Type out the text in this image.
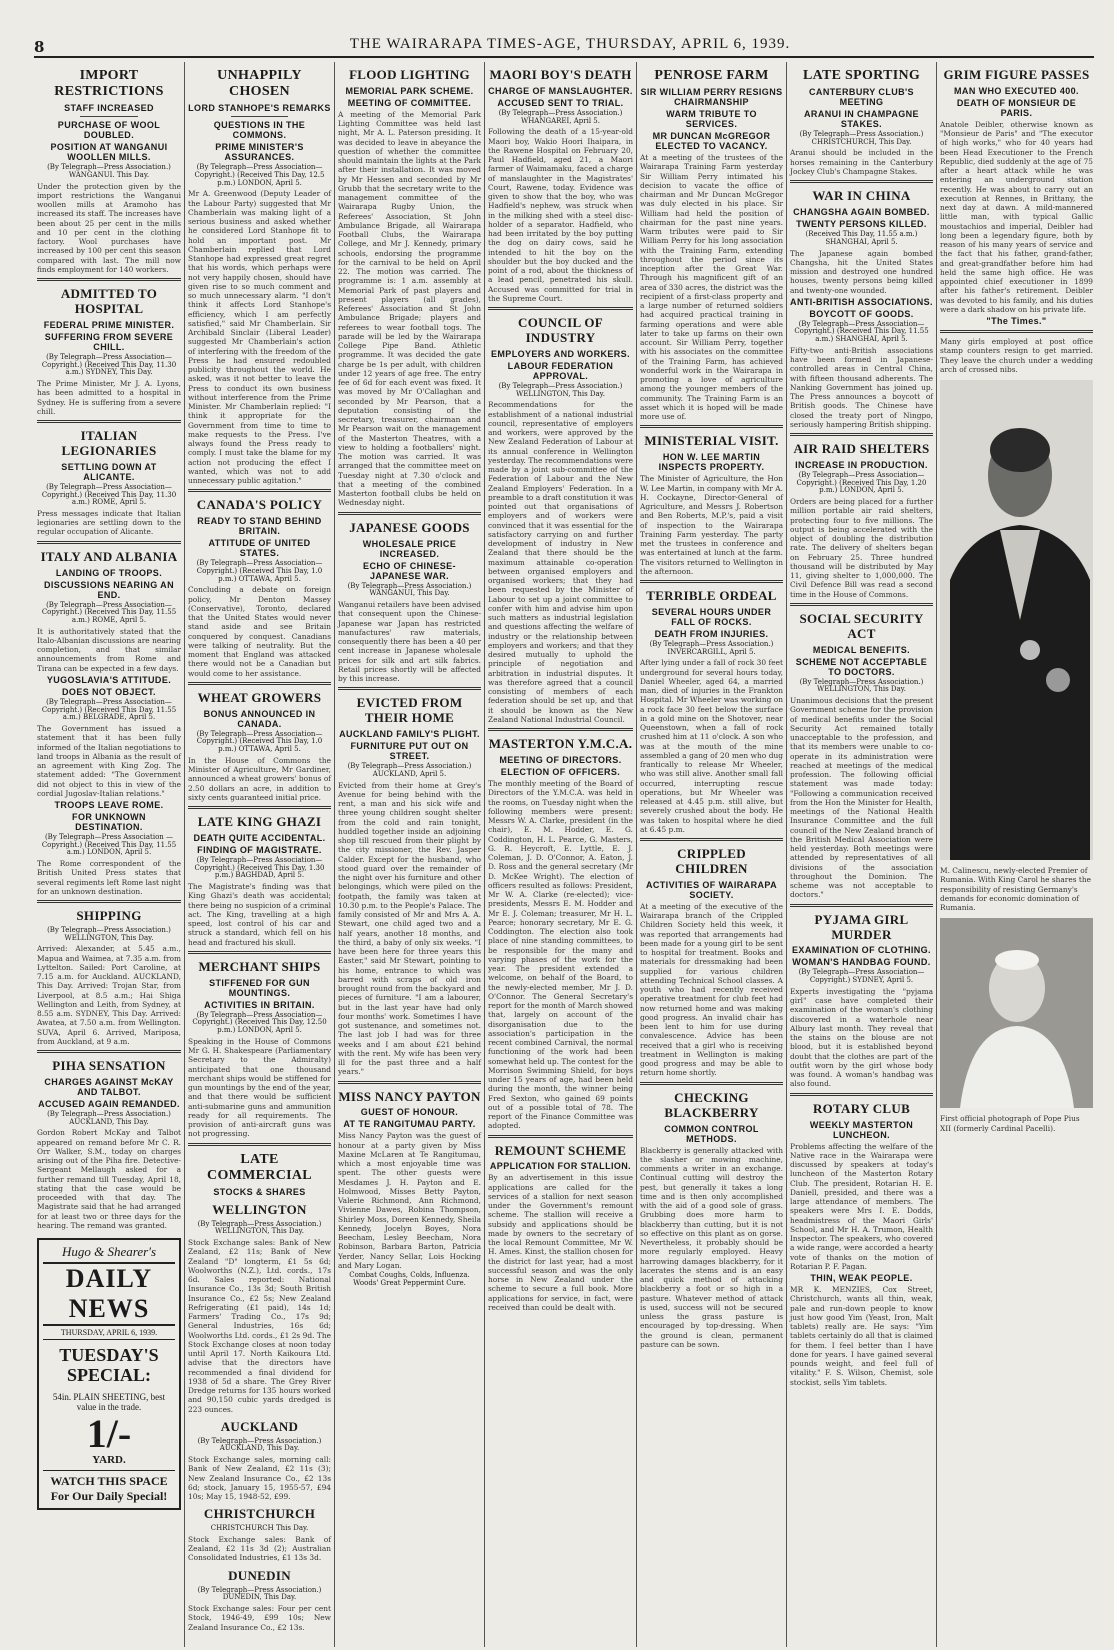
8	THE WAIRARAPA TIMES-AGE, THURSDAY, APRIL 6, 1939.
IMPORT RESTRICTIONS
STAFF INCREASED
PURCHASE OF WOOL DOUBLED.
POSITION AT WANGANUI WOOLLEN MILLS.
(By Telegraph—Press Association.) WANGANUI. This Day.
Under the protection given by the import restrictions the Wanganui woollen mills at Aramoho has increased its staff. The increases have been about 25 per cent in the mills and 10 per cent in the clothing factory. Wool purchases have increased by 100 per cent this season compared with last. The mill now finds employment for 140 workers.
ADMITTED TO HOSPITAL
FEDERAL PRIME MINISTER.
SUFFERING FROM SEVERE CHILL.
(By Telegraph—Press Association—Copyright.) (Received This Day, 11.30 a.m.) SYDNEY, This Day.
The Prime Minister, Mr J. A. Lyons, has been admitted to a hospital in Sydney. He is suffering from a severe chill.
ITALIAN LEGIONARIES
SETTLING DOWN AT ALICANTE.
(By Telegraph—Press Association—Copyright.) (Received This Day, 11.30 a.m.) ROME, April 5.
Press messages indicate that Italian legionaries are settling down to the regular occupation of Alicante.
ITALY AND ALBANIA
LANDING OF TROOPS.
DISCUSSIONS NEARING AN END.
(By Telegraph—Press Association—Copyright.) (Received This Day, 11.55 a.m.) ROME, April 5.
It is authoritatively stated that the Italo-Albanian discussions are nearing completion, and that similar announcements from Rome and Tirana can be expected in a few days.
YUGOSLAVIA'S ATTITUDE.
DOES NOT OBJECT.
(By Telegraph—Press Association—Copyright.) (Received This Day, 11.55 a.m.) BELGRADE, April 5.
The Government has issued a statement that it has been fully informed of the Italian negotiations to land troops in Albania as the result of an agreement with King Zog. The statement added: "The Government did not object to this in view of the cordial Jugoslav-Italian relations."
TROOPS LEAVE ROME.
FOR UNKNOWN DESTINATION.
(By Telegraph—Press Association —Copyright.) (Received This Day, 11.55 a.m.) LONDON, April 5.
The Rome correspondent of the British United Press states that several regiments left Rome last night for an unknown destination.
SHIPPING
(By Telegraph—Press Association.) WELLINGTON, This Day.
Arrived: Alexander, at 5.45 a.m., Mapua and Waimea, at 7.35 a.m. from Lyttelton. Sailed: Port Caroline, at 7.15 a.m. for Auckland. AUCKLAND, This Day. Arrived: Trojan Star, from Liverpool, at 8.5 a.m.; Hai Shiga Wellington and Leith, from Sydney, at 8.55 a.m. SYDNEY, This Day. Arrived: Awatea, at 7.50 a.m. from Wellington. SUVA, April 6. Arrived, Mariposa, from Auckland, at 9 a.m.
PIHA SENSATION
CHARGES AGAINST McKAY AND TALBOT.
ACCUSED AGAIN REMANDED.
(By Telegraph—Press Association.) AUCKLAND, This Day.
Gordon Robert McKay and Talbot appeared on remand before Mr C. R. Orr Walker, S.M., today on charges arising out of the Piha fire. Detective-Sergeant Mellaugh asked for a further remand till Tuesday, April 18, stating that the case would be proceeded with that day. The Magistrate said that he had arranged for at least two or three days for the hearing. The remand was granted.
Hugo & Shearer's
DAILY NEWS
THURSDAY, APRIL 6, 1939.
TUESDAY'S SPECIAL:
54in. PLAIN SHEETING, best value in the trade.
1/-
YARD.
WATCH THIS SPACE For Our Daily Special!
UNHAPPILY CHOSEN
LORD STANHOPE'S REMARKS
QUESTIONS IN THE COMMONS.
PRIME MINISTER'S ASSURANCES.
(By Telegraph—Press Association—Copyright.) (Received This Day, 12.5 p.m.) LONDON, April 5.
Mr A. Greenwood (Deputy Leader of the Labour Party) suggested that Mr Chamberlain was making light of a serious business and asked whether he considered Lord Stanhope fit to hold an important post. Mr Chamberlain replied that Lord Stanhope had expressed great regret that his words, which perhaps were not very happily chosen, should have given rise to so much comment and so much unnecessary alarm. "I don't think it affects Lord Stanhope's efficiency, which I am perfectly satisfied," said Mr Chamberlain. Sir Archibald Sinclair (Liberal Leader) suggested Mr Chamberlain's action of interfering with the freedom of the Press he had ensured redoubled publicity throughout the world. He asked, was it not better to leave the Press to conduct its own business without interference from the Prime Minister. Mr Chamberlain replied: "I think it appropriate for the Government from time to time to make requests to the Press. I've always found the Press ready to comply. I must take the blame for my action not producing the effect I wanted, which was not to add unnecessary public agitation."
CANADA'S POLICY
READY TO STAND BEHIND BRITAIN.
ATTITUDE OF UNITED STATES.
(By Telegraph—Press Association—Copyright.) (Received This Day, 1.0 p.m.) OTTAWA, April 5.
Concluding a debate on foreign policy, Mr Denton Massey (Conservative), Toronto, declared that the United States would never stand aside and see Britain conquered by conquest. Canadians were talking of neutrality. But the moment that England was attacked there would not be a Canadian but would come to her assistance.
WHEAT GROWERS
BONUS ANNOUNCED IN CANADA.
(By Telegraph—Press Association—Copyright.) (Received This Day, 1.0 p.m.) OTTAWA, April 5.
In the House of Commons the Minister of Agriculture, Mr Gardiner, announced a wheat growers' bonus of 2.50 dollars an acre, in addition to sixty cents guaranteed initial price.
LATE KING GHAZI
DEATH QUITE ACCIDENTAL.
FINDING OF MAGISTRATE.
(By Telegraph—Press Association—Copyright.) (Received This Day, 1.30 p.m.) BAGHDAD, April 5.
The Magistrate's finding was that King Ghazi's death was accidental; there being no suspicion of a criminal act. The King, travelling at a high speed, lost control of his car and struck a standard, which fell on his head and fractured his skull.
MERCHANT SHIPS
STIFFENED FOR GUN MOUNTINGS.
ACTIVITIES IN BRITAIN.
(By Telegraph—Press Association—Copyright.) (Received This Day, 12.50 p.m.) LONDON, April 5.
Speaking in the House of Commons Mr G. H. Shakespeare (Parliamentary Secretary to the Admiralty) anticipated that one thousand merchant ships would be stiffened for gun mountings by the end of the year, and that there would be sufficient anti-submarine guns and ammunition ready for all requirements. The provision of anti-aircraft guns was not progressing.
LATE COMMERCIAL
STOCKS & SHARES
WELLINGTON
(By Telegraph—Press Association.) WELLINGTON, This Day.
Stock Exchange sales: Bank of New Zealand, £2 11s; Bank of New Zealand "D" longterm, £1 5s 6d; Woolworths (N.Z.), Ltd. cords., 17s 6d. Sales reported: National Insurance Co., 13s 3d; South British Insurance Co., £2 5s; New Zealand Refrigerating (£1 paid), 14s 1d; Farmers' Trading Co., 17s 9d; General Industries, 16s 6d; Woolworths Ltd. cords., £1 2s 9d. The Stock Exchange closes at noon today until April 17. North Kaikoura Ltd. advise that the directors have recommended a final dividend for 1938 of 5d a share. The Grey River Dredge returns for 135 hours worked and 90,150 cubic yards dredged is 223 ounces.
AUCKLAND
(By Telegraph—Press Association.) AUCKLAND, This Day.
Stock Exchange sales, morning call: Bank of New Zealand, £2 11s (3); New Zealand Insurance Co., £2 13s 6d; stock, January 15, 1955-57, £94 10s; May 15, 1948-52, £99.
CHRISTCHURCH
CHRISTCHURCH This Day.
Stock Exchange sales: Bank of Zealand, £2 11s 3d (2); Australian Consolidated Industries, £1 13s 3d.
DUNEDIN
(By Telegraph—Press Association.) DUNEDIN, This Day.
Stock Exchange sales: Four per cent Stock, 1946-49, £99 10s; New Zealand Insurance Co., £2 13s.
FLOOD LIGHTING
MEMORIAL PARK SCHEME.
MEETING OF COMMITTEE.
A meeting of the Memorial Park Lighting Committee was held last night, Mr A. L. Paterson presiding. It was decided to leave in abeyance the question of whether the committee should maintain the lights at the Park after their installation. It was moved by Mr Hessen and seconded by Mr Grubb that the secretary write to the management committee of the Wairarapa Rugby Union, the Referees' Association, St John Ambulance Brigade, all Wairarapa Football Clubs, the Wairarapa College, and Mr J. Kennedy, primary schools, endorsing the programme for the carnival to be held on April 22. The motion was carried. The programme is: 1 a.m. assembly at Memorial Park of past players and present players (all grades), Referees' Association and St John Ambulance Brigade; players and referees to wear football togs. The parade will be led by the Wairarapa College Pipe Band. Athletic programme. It was decided the gate charge be 1s per adult, with children under 12 years of age free. The entry fee of 6d for each event was fixed. It was moved by Mr O'Callaghan and seconded by Mr Pearson, that a deputation consisting of the secretary, treasurer, chairman and Mr Pearson wait on the management of the Masterton Theatres, with a view to holding a footballers' night. The motion was carried. It was arranged that the committee meet on Tuesday night at 7.30 o'clock and that a meeting of the combined Masterton football clubs be held on Wednesday night.
JAPANESE GOODS
WHOLESALE PRICE INCREASED.
ECHO OF CHINESE-JAPANESE WAR.
(By Telegraph—Press Association.) WANGANUI, This Day.
Wanganui retailers have been advised that consequent upon the Chinese-Japanese war Japan has restricted manufactures' raw materials, consequently there has been a 40 per cent increase in Japanese wholesale prices for silk and art silk fabrics. Retail prices shortly will be affected by this increase.
EVICTED FROM THEIR HOME
AUCKLAND FAMILY'S PLIGHT.
FURNITURE PUT OUT ON STREET.
(By Telegraph—Press Association.) AUCKLAND, April 5.
Evicted from their home at Grey's Avenue for being behind with the rent, a man and his sick wife and three young children sought shelter from the cold and rain tonight, huddled together inside an adjoining shop till rescued from their plight by the city missioner, the Rev. Jasper Calder. Except for the husband, who stood guard over the remainder of the night over his furniture and other belongings, which were piled on the footpath, the family was taken at 10.30 p.m. to the People's Palace. The family consisted of Mr and Mrs A. A. Stewart, one child aged two and a half years, another 18 months, and the third, a baby of only six weeks. "I have been here for three years this Easter," said Mr Stewart, pointing to his home, entrance to which was barred with scraps of old iron brought round from the backyard and pieces of furniture. "I am a labourer, but in the last year have had only four months' work. Sometimes I have got sustenance, and sometimes not. The last job I had was for three weeks and I am about £21 behind with the rent. My wife has been very ill for the past three and a half years."
MISS NANCY PAYTON
GUEST OF HONOUR.
AT TE RANGITUMAU PARTY.
Miss Nancy Payton was the guest of honour at a party given by Miss Maxine McLaren at Te Rangitumau, which a most enjoyable time was spent. The other guests were Mesdames J. H. Payton and E. Holmwood, Misses Betty Payton, Valerie Richmond, Ann Richmond, Vivienne Dawes, Robina Thompson, Shirley Moss, Doreen Kennedy, Sheila Kennedy, Jocelyn Boyes, Nora Beecham, Lesley Beecham, Nora Robinson, Barbara Barton, Patricia Yerder, Nancy Sellar, Lois Hocking and Mary Logan.
Combat Coughs, Colds, Influenza. Woods' Great Peppermint Cure.
MAORI BOY'S DEATH
CHARGE OF MANSLAUGHTER.
ACCUSED SENT TO TRIAL.
(By Telegraph—Press Association.) WHANGAREI, April 5.
Following the death of a 15-year-old Maori boy, Wakio Hoori Ihaipara, in the Rawene Hospital on February 20, Paul Hadfield, aged 21, a Maori farmer of Waimamaku, faced a charge of manslaughter in the Magistrates' Court, Rawene, today. Evidence was given to show that the boy, who was Hadfield's nephew, was struck when in the milking shed with a steel disc-holder of a separator. Hadfield, who had been irritated by the boy putting the dog on dairy cows, said he intended to hit the boy on the shoulder but the boy ducked and the point of a rod, about the thickness of a lead pencil, penetrated his skull. Accused was committed for trial in the Supreme Court.
COUNCIL OF INDUSTRY
EMPLOYERS AND WORKERS.
LABOUR FEDERATION APPROVAL.
(By Telegraph—Press Association.) WELLINGTON, This Day.
Recommendations for the establishment of a national industrial council, representative of employers and workers, were approved by the New Zealand Federation of Labour at its annual conference in Wellington yesterday. The recommendations were made by a joint sub-committee of the Federation of Labour and the New Zealand Employers' Federation. In a preamble to a draft constitution it was pointed out that organisations of employers and of workers were convinced that it was essential for the satisfactory carrying on and further development of industry in New Zealand that there should be the maximum attainable co-operation between organised employers and organised workers; that they had been requested by the Minister of Labour to set up a joint committee to confer with him and advise him upon such matters as industrial legislation and questions affecting the welfare of industry or the relationship between employers and workers; and that they desired mutually to uphold the principle of negotiation and arbitration in industrial disputes. It was therefore agreed that a council consisting of members of each federation should be set up, and that it should be known as the New Zealand National Industrial Council.
MASTERTON Y.M.C.A.
MEETING OF DIRECTORS.
ELECTION OF OFFICERS.
The monthly meeting of the Board of Directors of the Y.M.C.A. was held in the rooms, on Tuesday night when the following members were present: Messrs W. A. Clarke, president (in the chair), E. M. Hodder, E. G. Coddington, H. L. Pearce, G. Masters, G. R. Heycroft, E. Lyttle, E. J. Coleman, J. D. O'Connor, A. Eaton, J. D. Ross and the general secretary (Mr D. McKee Wright). The election of officers resulted as follows: President, Mr W. A. Clarke (re-elected); vice-presidents, Messrs E. M. Hodder and Mr E. J. Coleman; treasurer, Mr H. L. Pearce; honorary secretary, Mr E. G. Coddington. The election also took place of nine standing committees, to be responsible for the many and varying phases of the work for the year. The president extended a welcome, on behalf of the Board, to the newly-elected member, Mr J. D. O'Connor. The General Secretary's report for the month of March showed that, largely on account of the disorganisation due to the association's participation in the recent combined Carnival, the normal functioning of the work had been somewhat held up. The contest for the Morrison Swimming Shield, for boys under 15 years of age, had been held during the month, the winner being Fred Sexton, who gained 69 points out of a possible total of 78. The report of the Finance Committee was adopted.
REMOUNT SCHEME
APPLICATION FOR STALLION.
By an advertisement in this issue applications are called for the services of a stallion for next season under the Government's remount scheme. The stallion will receive a subsidy and applications should be made by owners to the secretary of the local Remount Committee, Mr W. H. Ames. Kinst, the stallion chosen for the district for last year, had a most successful season and was the only horse in New Zealand under the scheme to secure a full book. More applications for service, in fact, were received than could be dealt with.
PENROSE FARM
SIR WILLIAM PERRY RESIGNS CHAIRMANSHIP
WARM TRIBUTE TO SERVICES.
MR DUNCAN McGREGOR ELECTED TO VACANCY.
At a meeting of the trustees of the Wairarapa Training Farm yesterday Sir William Perry intimated his decision to vacate the office of chairman and Mr Duncan McGregor was duly elected in his place. Sir William had held the position of chairman for the past nine years. Warm tributes were paid to Sir William Perry for his long association with the Training Farm, extending throughout the period since its inception after the Great War. Through his magnificent gift of an area of 330 acres, the district was the recipient of a first-class property and a large number of returned soldiers had acquired practical training in farming operations and were able later to take up farms on their own account. Sir William Perry, together with his associates on the committee of the Training Farm, has achieved wonderful work in the Wairarapa in promoting a love of agriculture among the younger members of the community. The Training Farm is an asset which it is hoped will be made more use of.
MINISTERIAL VISIT.
HON W. LEE MARTIN INSPECTS PROPERTY.
The Minister of Agriculture, the Hon W. Lee Martin, in company with Mr A. H. Cockayne, Director-General of Agriculture, and Messrs J. Robertson and Ben Roberts, M.P.'s, paid a visit of inspection to the Wairarapa Training Farm yesterday. The party met the trustees in conference and was entertained at lunch at the farm. The visitors returned to Wellington in the afternoon.
TERRIBLE ORDEAL
SEVERAL HOURS UNDER FALL OF ROCKS.
DEATH FROM INJURIES.
(By Telegraph—Press Association.) INVERCARGILL, April 5.
After lying under a fall of rock 30 feet underground for several hours today, Daniel Wheeler, aged 64, a married man, died of injuries in the Frankton Hospital. Mr Wheeler was working on a rock face 30 feet below the surface in a gold mine on the Shotover, near Queenstown, when a fall of rock crushed him at 11 o'clock. A son who was at the mouth of the mine assembled a gang of 20 men who dug frantically to release Mr Wheeler, who was still alive. Another small fall occurred, interrupting rescue operations, but Mr Wheeler was released at 4.45 p.m. still alive, but severely crushed about the body. He was taken to hospital where he died at 6.45 p.m.
CRIPPLED CHILDREN
ACTIVITIES OF WAIRARAPA SOCIETY.
At a meeting of the executive of the Wairarapa branch of the Crippled Children Society held this week, it was reported that arrangements had been made for a young girl to be sent to hospital for treatment. Books and materials for dressmaking had been supplied for various children attending Technical School classes. A youth who had recently received operative treatment for club feet had now returned home and was making good progress. An invalid chair has been lent to him for use during convalescence. Advice has been received that a girl who is receiving treatment in Wellington is making good progress and may be able to return home shortly.
CHECKING BLACKBERRY
COMMON CONTROL METHODS.
Blackberry is generally attacked with the slasher or mowing machine, comments a writer in an exchange. Continual cutting will destroy the pest, but generally it takes a long time and is then only accomplished with the aid of a good sole of grass. Grubbing does more harm to blackberry than cutting, but it is not so effective on this plant as on gorse. Nevertheless, it probably should be more regularly employed. Heavy harrowing damages blackberry, for it lacerates the stems and is an easy and quick method of attacking blackberry a foot or so high in a pasture. Whatever method of attack is used, success will not be secured unless the grass pasture is encouraged by top-dressing. When the ground is clean, permanent pasture can be sown.
LATE SPORTING
CANTERBURY CLUB'S MEETING
ARANUI IN CHAMPAGNE STAKES.
(By Telegraph—Press Association.) CHRISTCHURCH, This Day.
Aranui should be included in the horses remaining in the Canterbury Jockey Club's Champagne Stakes.
WAR IN CHINA
CHANGSHA AGAIN BOMBED.
TWENTY PERSONS KILLED.
(Received This Day, 11.55 a.m.) SHANGHAI, April 5.
The Japanese again bombed Changsha, hit the United States mission and destroyed one hundred houses, twenty persons being killed and twenty-one wounded.
ANTI-BRITISH ASSOCIATIONS.
BOYCOTT OF GOODS.
(By Telegraph—Press Association—Copyright.) (Received This Day, 11.55 a.m.) SHANGHAI, April 5.
Fifty-two anti-British associations have been formed in Japanese-controlled areas in Central China, with fifteen thousand adherents. The Nanking Government has joined up. The Press announces a boycott of British goods. The Chinese have closed the treaty port of Ningpo, seriously hampering British shipping.
AIR RAID SHELTERS
INCREASE IN PRODUCTION.
(By Telegraph—Press Association—Copyright.) (Received This Day, 1.20 p.m.) LONDON, April 5.
Orders are being placed for a further million portable air raid shelters, protecting four to five millions. The output is being accelerated with the object of doubling the distribution rate. The delivery of shelters began on February 25. Three hundred thousand will be distributed by May 11, giving shelter to 1,000,000. The Civil Defence Bill was read a second time in the House of Commons.
SOCIAL SECURITY ACT
MEDICAL BENEFITS.
SCHEME NOT ACCEPTABLE TO DOCTORS.
(By Telegraph—Press Association.) WELLINGTON, This Day.
Unanimous decisions that the present Government scheme for the provision of medical benefits under the Social Security Act remained totally unacceptable to the profession, and that its members were unable to co-operate in its administration were reached at meetings of the medical profession. The following official statement was made today: "Following a communication received from the Hon the Minister for Health, meetings of the National Health Insurance Committee and the full council of the New Zealand branch of the British Medical Association were held yesterday. Both meetings were attended by representatives of all divisions of the association throughout the Dominion. The scheme was not acceptable to doctors."
PYJAMA GIRL MURDER
EXAMINATION OF CLOTHING.
WOMAN'S HANDBAG FOUND.
(By Telegraph—Press Association—Copyright.) SYDNEY, April 5.
Experts investigating the "pyjama girl" case have completed their examination of the woman's clothing discovered in a waterhole near Albury last month. They reveal that the stains on the blouse are not blood, but it is established beyond doubt that the clothes are part of the outfit worn by the girl whose body was found. A woman's handbag was also found.
ROTARY CLUB
WEEKLY MASTERTON LUNCHEON.
Problems affecting the welfare of the Native race in the Wairarapa were discussed by speakers at today's luncheon of the Masterton Rotary Club. The president, Rotarian H. E. Daniell, presided, and there was a large attendance of members. The speakers were Mrs I. E. Dodds, headmistress of the Maori Girls' School, and Mr H. A. Trumon, Health Inspector. The speakers, who covered a wide range, were accorded a hearty vote of thanks on the motion of Rotarian P. F. Pagan.
THIN, WEAK PEOPLE.
MR K. MENZIES, Cox Street, Christchurch, wants all thin, weak, pale and run-down people to know just how good Yim (Yeast, Iron, Malt tablets) really are. He says: "Yim tablets certainly do all that is claimed for them. I feel better than I have done for years. I have gained several pounds weight, and feel full of vitality." F. S. Wilson, Chemist, sole stockist, sells Yim tablets.
GRIM FIGURE PASSES
MAN WHO EXECUTED 400.
DEATH OF MONSIEUR DE PARIS.
Anatole Deibler, otherwise known as "Monsieur de Paris" and "The executor of high works," who for 40 years had been Head Executioner to the French Republic, died suddenly at the age of 75 after a heart attack while he was entering an underground station recently. He was about to carry out an execution at Rennes, in Brittany, the next day at dawn. A mild-mannered little man, with typical Gallic moustachios and imperial, Deibler had long been a legendary figure, both by reason of his many years of service and the fact that his father, grand-father, and great-grandfather before him had held the same high office. He was appointed chief executioner in 1899 after his father's retirement. Deibler was devoted to his family, and his duties were a dark shadow on his private life.
"The Times."
Many girls employed at post office stamp counters resign to get married. They leave the church under a wedding arch of crossed nibs.
M. Calinescu, newly-elected Premier of Rumania. With King Carol he shares the responsibility of resisting Germany's demands for economic domination of Rumania.
First official photograph of Pope Pius XII (formerly Cardinal Pacelli).
